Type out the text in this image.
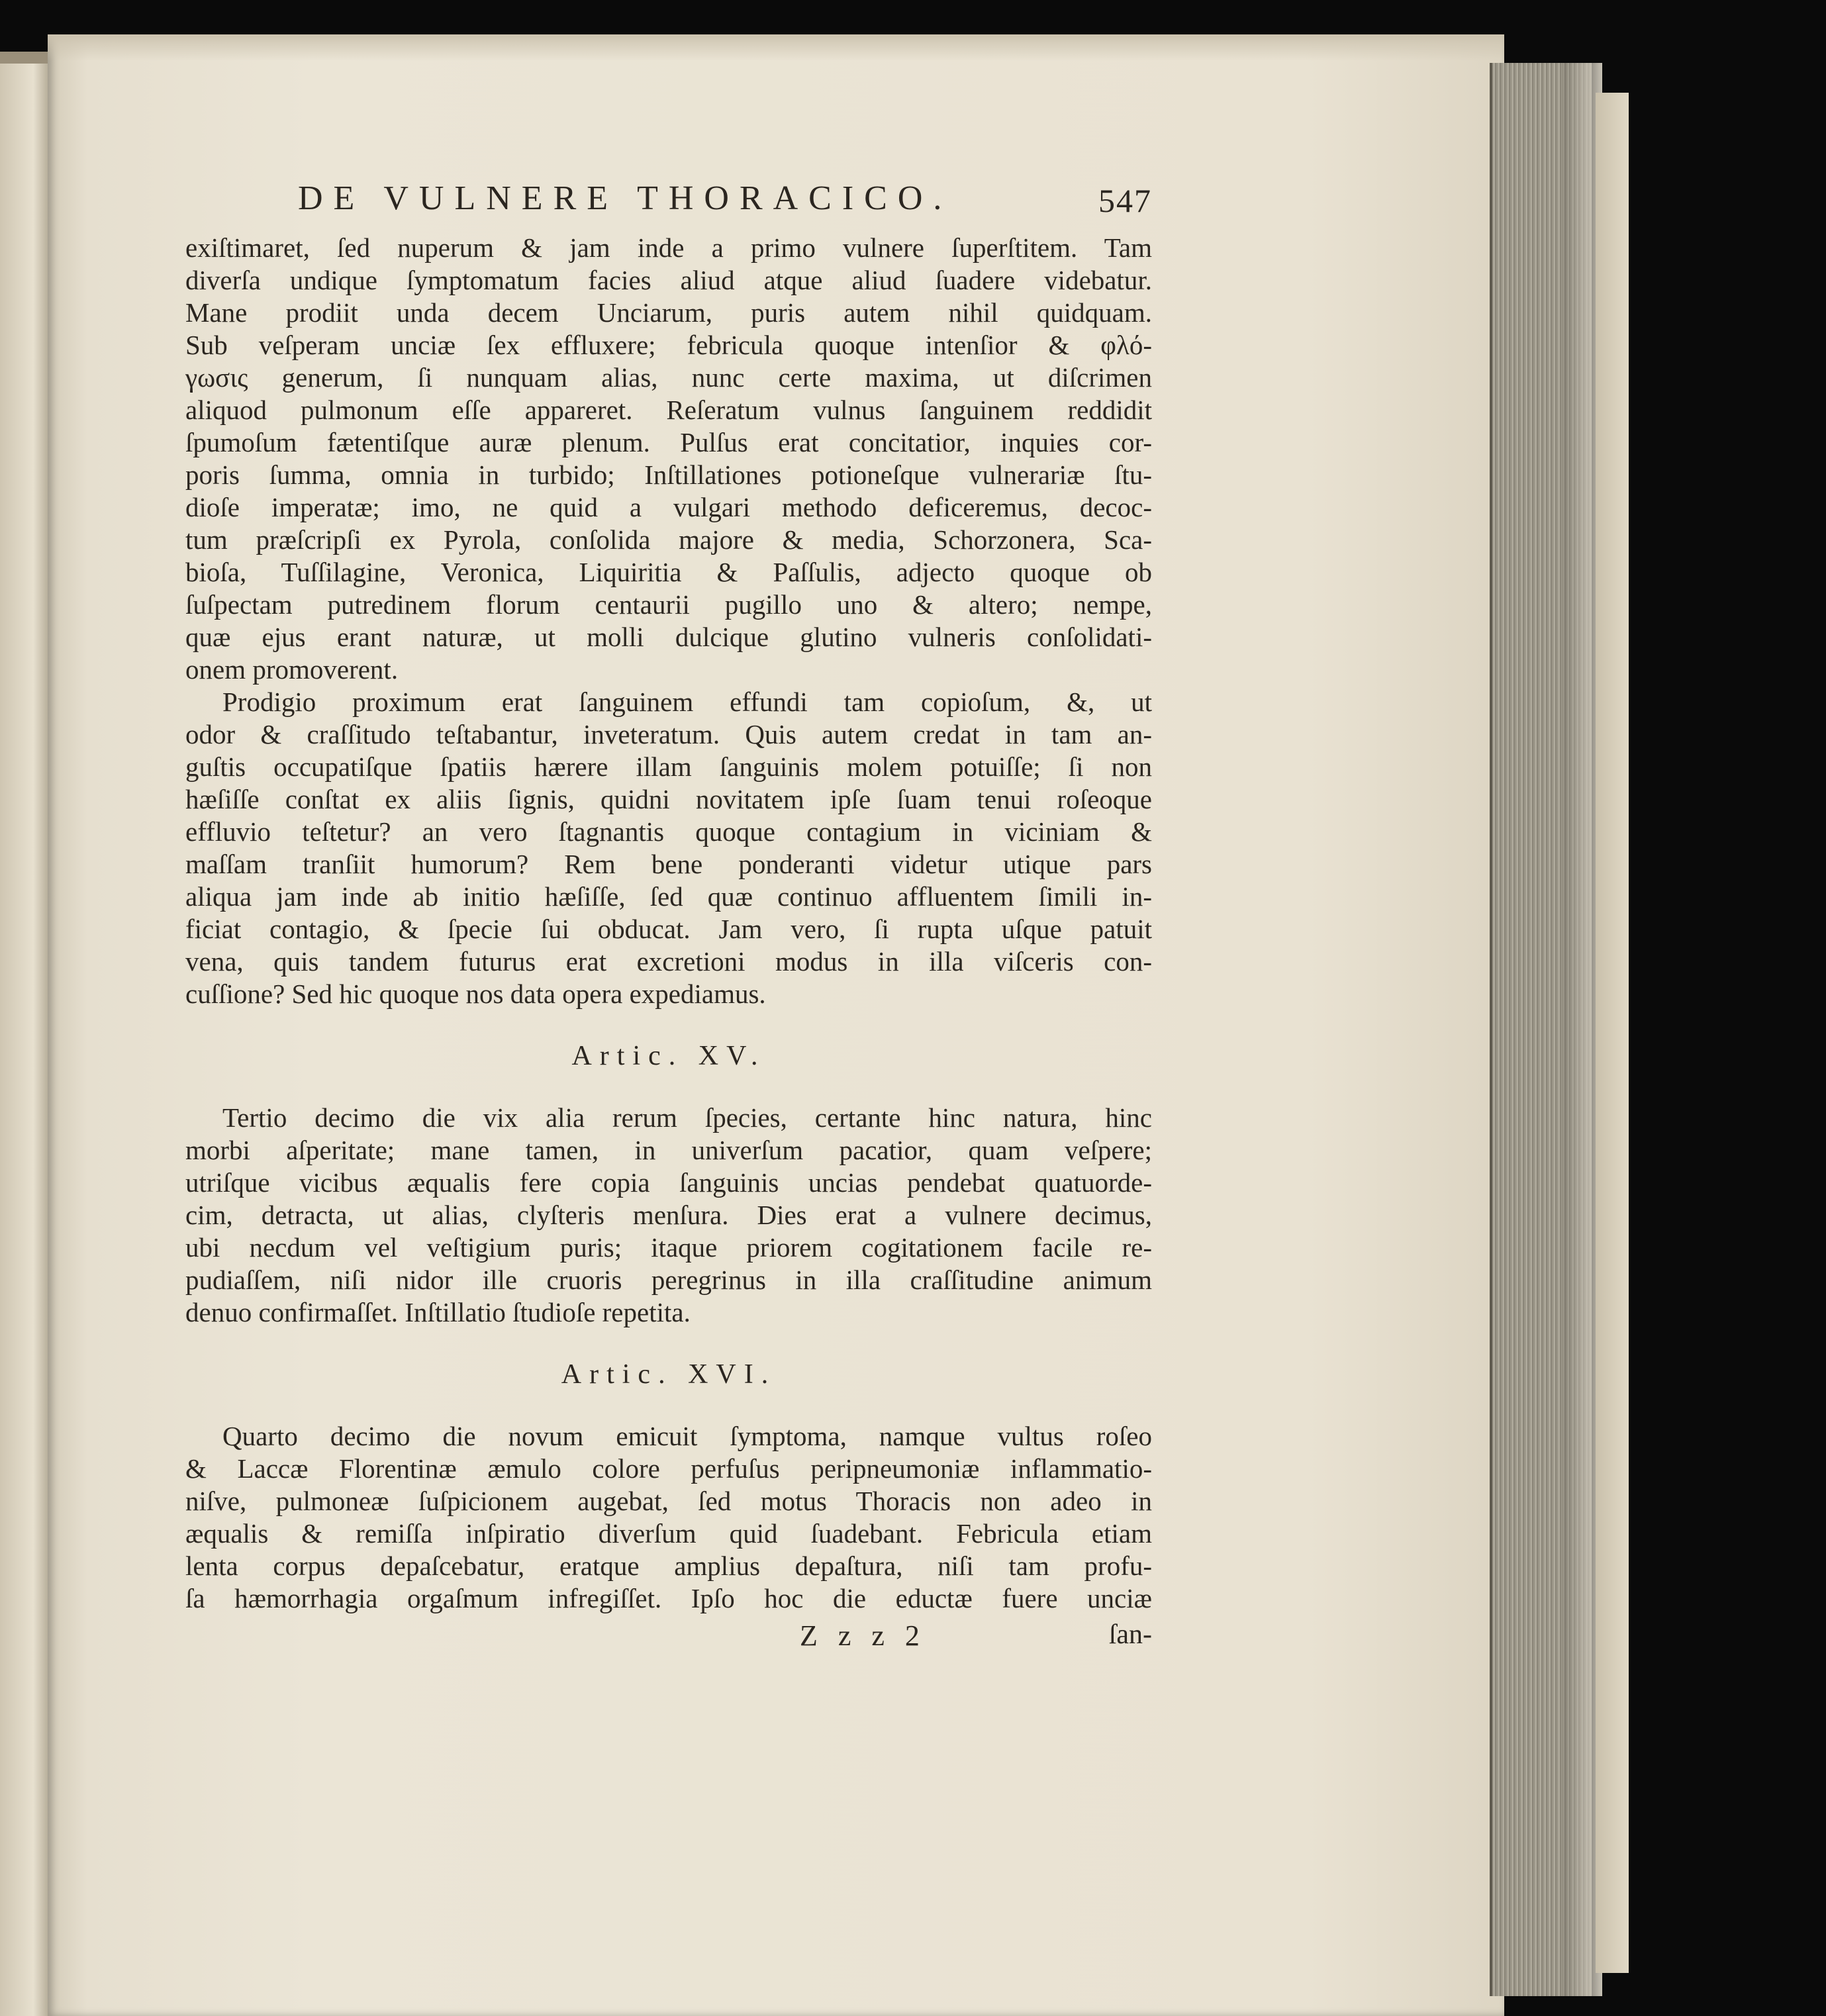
DE VULNERE THORACICO.	547

exiſtimaret, ſed nuperum & jam inde a primo vulnere ſuperſtitem. Tam
diverſa undique ſymptomatum facies aliud atque aliud ſuadere videbatur.
Mane prodiit unda decem Unciarum, puris autem nihil quidquam.
Sub veſperam unciæ ſex effluxere; febricula quoque intenſior & φλό-
γωσις generum, ſi nunquam alias, nunc certe maxima, ut diſcrimen
aliquod pulmonum eſſe appareret. Reſeratum vulnus ſanguinem reddidit
ſpumoſum fætentiſque auræ plenum. Pulſus erat concitatior, inquies cor-
poris ſumma, omnia in turbido; Inſtillationes potioneſque vulnerariæ ſtu-
dioſe imperatæ; imo, ne quid a vulgari methodo deficeremus, decoc-
tum præſcripſi ex Pyrola, conſolida majore & media, Schorzonera, Sca-
bioſa, Tuſſilagine, Veronica, Liquiritia & Paſſulis, adjecto quoque ob
ſuſpectam putredinem florum centaurii pugillo uno & altero; nempe,
quæ ejus erant naturæ, ut molli dulcique glutino vulneris conſolidati-
onem promoverent.

Prodigio proximum erat ſanguinem effundi tam copioſum, &, ut
odor & craſſitudo teſtabantur, inveteratum. Quis autem credat in tam an-
guſtis occupatiſque ſpatiis hærere illam ſanguinis molem potuiſſe; ſi non
hæſiſſe conſtat ex aliis ſignis, quidni novitatem ipſe ſuam tenui roſeoque
effluvio teſtetur? an vero ſtagnantis quoque contagium in viciniam &
maſſam tranſiit humorum? Rem bene ponderanti videtur utique pars
aliqua jam inde ab initio hæſiſſe, ſed quæ continuo affluentem ſimili in-
ficiat contagio, & ſpecie ſui obducat. Jam vero, ſi rupta uſque patuit
vena, quis tandem futurus erat excretioni modus in illa viſceris con-
cuſſione? Sed hic quoque nos data opera expediamus.

Artic. XV.

Tertio decimo die vix alia rerum ſpecies, certante hinc natura, hinc
morbi aſperitate; mane tamen, in univerſum pacatior, quam veſpere;
utriſque vicibus æqualis fere copia ſanguinis uncias pendebat quatuorde-
cim, detracta, ut alias, clyſteris menſura. Dies erat a vulnere decimus,
ubi necdum vel veſtigium puris; itaque priorem cogitationem facile re-
pudiaſſem, niſi nidor ille cruoris peregrinus in illa craſſitudine animum
denuo confirmaſſet. Inſtillatio ſtudioſe repetita.

Artic. XVI.

Quarto decimo die novum emicuit ſymptoma, namque vultus roſeo
& Laccæ Florentinæ æmulo colore perfuſus peripneumoniæ inflammatio-
niſve, pulmoneæ ſuſpicionem augebat, ſed motus Thoracis non adeo in
æqualis & remiſſa inſpiratio diverſum quid ſuadebant. Febricula etiam
lenta corpus depaſcebatur, eratque amplius depaſtura, niſi tam profu-
ſa hæmorrhagia orgaſmum infregiſſet. Ipſo hoc die eductæ fuere unciæ

Z z z 2	ſan-
